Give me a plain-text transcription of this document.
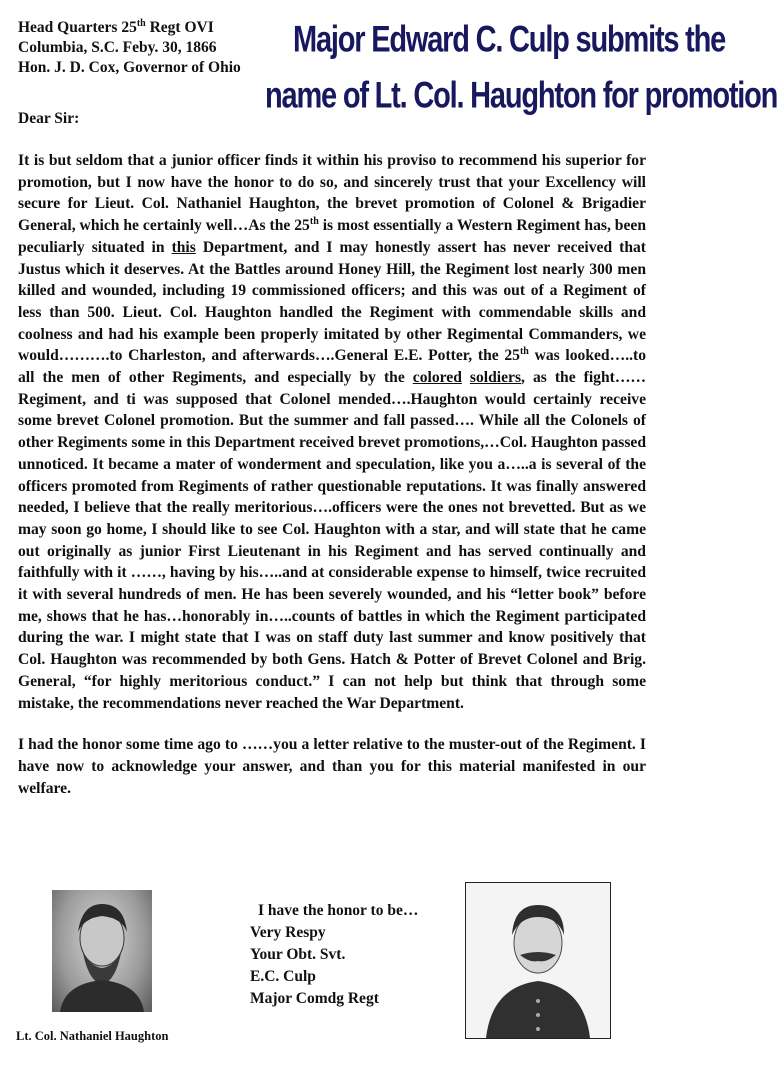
Head Quarters 25th Regt OVI
Columbia, S.C. Feby. 30, 1866
Hon. J. D. Cox, Governor of Ohio
Major Edward C. Culp submits the
name of Lt. Col. Haughton for promotion
Dear Sir:

It is but seldom that a junior officer finds it within his proviso to recommend his superior for promotion, but I now have the honor to do so, and sincerely trust that your Excellency will secure for Lieut. Col. Nathaniel Haughton, the brevet promotion of Colonel & Brigadier General, which he certainly well…As the 25th is most essentially a Western Regiment has, been peculiarly situated in this Department, and I may honestly assert has never received that Justus which it deserves. At the Battles around Honey Hill, the Regiment lost nearly 300 men killed and wounded, including 19 commissioned officers; and this was out of a Regiment of less than 500. Lieut. Col. Haughton handled the Regiment with commendable skills and coolness and had his example been properly imitated by other Regimental Commanders, we would……….to Charleston, and afterwards….General E.E. Potter, the 25th was looked…..to all the men of other Regiments, and especially by the colored soldiers, as the fight……Regiment, and ti was supposed that Colonel mended….Haughton would certainly receive some brevet Colonel promotion. But the summer and fall passed…. While all the Colonels of other Regiments some in this Department received brevet promotions,…Col. Haughton passed unnoticed. It became a mater of wonderment and speculation, like you a…..a is several of the officers promoted from Regiments of rather questionable reputations. It was finally answered needed, I believe that the really meritorious….officers were the ones not brevetted. But as we may soon go home, I should like to see Col. Haughton with a star, and will state that he came out originally as junior First Lieutenant in his Regiment and has served continually and faithfully with it ……, having by his…..and at considerable expense to himself, twice recruited it with several hundreds of men. He has been severely wounded, and his “letter book” before me, shows that he has…honorably in…..counts of battles in which the Regiment participated during the war. I might state that I was on staff duty last summer and know positively that Col. Haughton was recommended by both Gens. Hatch & Potter of Brevet Colonel and Brig. General, “for highly meritorious conduct.” I can not help but think that through some mistake, the recommendations never reached the War Department.

I had the honor some time ago to ……you a letter relative to the muster-out of the Regiment. I have now to acknowledge your answer, and than you for this material manifested in our welfare.

I have the honor to be…
Very Respy
Your Obt. Svt.
E.C. Culp
Major Comdg Regt
Lt. Col. Nathaniel Haughton
